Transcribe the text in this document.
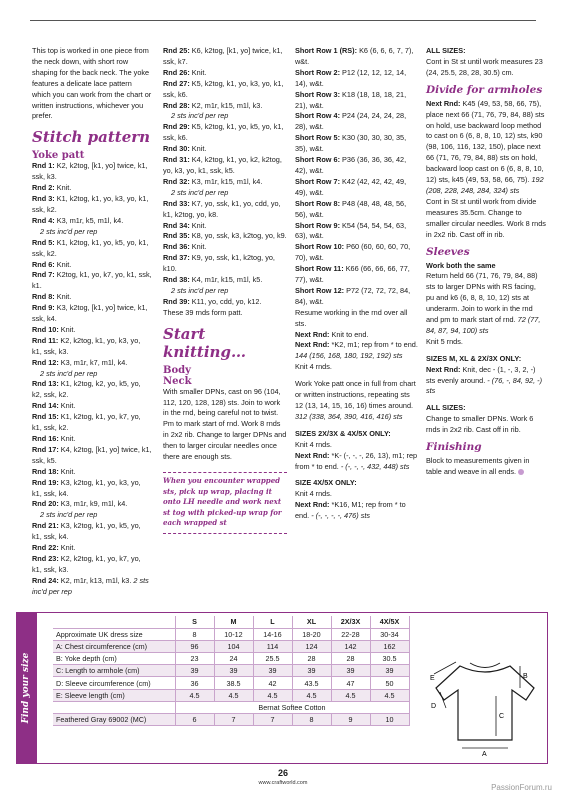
This top is worked in one piece from the neck down, with short row shaping for the back neck. The yoke features a delicate lace pattern which you can work from the chart or written instructions, whichever you prefer.

Stitch pattern
Yoke patt

Rnd 1: K2, k2tog, [k1, yo] twice, k1, ssk, k3.

Rnd 2: Knit.

Rnd 3: K1, k2tog, k1, yo, k3, yo, k1, ssk, k2.

Rnd 4: K3, m1r, k5, m1l, k4.

2 sts inc'd per rep

Rnd 5: K1, k2tog, k1, yo, k5, yo, k1, ssk, k2.

Rnd 6: Knit.

Rnd 7: K2tog, k1, yo, k7, yo, k1, ssk, k1.

Rnd 8: Knit.

Rnd 9: K3, k2tog, [k1, yo] twice, k1, ssk, k4.

Rnd 10: Knit.

Rnd 11: K2, k2tog, k1, yo, k3, yo, k1, ssk, k3.

Rnd 12: K3, m1r, k7, m1l, k4.

2 sts inc'd per rep

Rnd 13: K1, k2tog, k2, yo, k5, yo, k2, ssk, k2.

Rnd 14: Knit.

Rnd 15: K1, k2tog, k1, yo, k7, yo, k1, ssk, k2.

Rnd 16: Knit.

Rnd 17: K4, k2tog, [k1, yo] twice, k1, ssk, k5.

Rnd 18: Knit.

Rnd 19: K3, k2tog, k1, yo, k3, yo, k1, ssk, k4.

Rnd 20: K3, m1r, k9, m1l, k4.

2 sts inc'd per rep

Rnd 21: K3, k2tog, k1, yo, k5, yo, k1, ssk, k4.

Rnd 22: Knit.

Rnd 23: K2, k2tog, k1, yo, k7, yo, k1, ssk, k3.

Rnd 24: K2, m1r, k13, m1l, k3. 2 sts inc'd per rep

Rnd 25: K6, k2tog, [k1, yo] twice, k1, ssk, k7.

Rnd 26: Knit.

Rnd 27: K5, k2tog, k1, yo, k3, yo, k1, ssk, k6.

Rnd 28: K2, m1r, k15, m1l, k3.

2 sts inc'd per rep

Rnd 29: K5, k2tog, k1, yo, k5, yo, k1, ssk, k6.

Rnd 30: Knit.

Rnd 31: K4, k2tog, k1, yo, k2, k2tog, yo, k3, yo, k1, ssk, k5.

Rnd 32: K3, m1r, k15, m1l, k4.

2 sts inc'd per rep

Rnd 33: K7, yo, ssk, k1, yo, cdd, yo, k1, k2tog, yo, k8.

Rnd 34: Knit.

Rnd 35: K8, yo, ssk, k3, k2tog, yo, k9.

Rnd 36: Knit.

Rnd 37: K9, yo, ssk, k1, k2tog, yo, k10.

Rnd 38: K4, m1r, k15, m1l, k5.

2 sts inc'd per rep

Rnd 39: K11, yo, cdd, yo, k12.

These 39 rnds form patt.

Start knitting…
Body
Neck

With smaller DPNs, cast on 96 (104, 112, 120, 128, 128) sts. Join to work in the rnd, being careful not to twist. Pm to mark start of rnd. Work 8 rnds in 2x2 rib. Change to larger DPNs and then to larger circular needles once there are enough sts.

When you encounter wrapped sts, pick up wrap, placing it onto LH needle and work next st tog with picked-up wrap for each wrapped st

Short Row 1 (RS): K6 (6, 6, 6, 7, 7), w&t.

Short Row 2: P12 (12, 12, 12, 14, 14), w&t.

Short Row 3: K18 (18, 18, 18, 21, 21), w&t.

Short Row 4: P24 (24, 24, 24, 28, 28), w&t.

Short Row 5: K30 (30, 30, 30, 35, 35), w&t.

Short Row 6: P36 (36, 36, 36, 42, 42), w&t.

Short Row 7: K42 (42, 42, 42, 49, 49), w&t.

Short Row 8: P48 (48, 48, 48, 56, 56), w&t.

Short Row 9: K54 (54, 54, 54, 63, 63), w&t.

Short Row 10: P60 (60, 60, 60, 70, 70), w&t.

Short Row 11: K66 (66, 66, 66, 77, 77), w&t.

Short Row 12: P72 (72, 72, 72, 84, 84), w&t.

Resume working in the rnd over all sts.

Next Rnd: Knit to end.

Next Rnd: *K2, m1; rep from * to end. 144 (156, 168, 180, 192, 192) sts

Knit 4 rnds.

Work Yoke patt once in full from chart or written instructions, repeating sts 12 (13, 14, 15, 16, 16) times around. 312 (338, 364, 390, 416, 416) sts

SIZES 2X/3X & 4X/5X ONLY:

Knit 4 rnds.

Next Rnd: *K- (-, -, -, 26, 13), m1; rep from * to end. - (-, -, -, 432, 448) sts

SIZE 4X/5X ONLY:

Knit 4 rnds.

Next Rnd: *K16, M1; rep from * to end. - (-, -, -, -, 476) sts

ALL SIZES:

Cont in St st until work measures 23 (24, 25.5, 28, 28, 30.5) cm.

Divide for armholes

Next Rnd: K45 (49, 53, 58, 66, 75), place next 66 (71, 76, 79, 84, 88) sts on hold, use backward loop method to cast on 6 (6, 8, 8, 10, 12) sts, k90 (98, 106, 116, 132, 150), place next 66 (71, 76, 79, 84, 88) sts on hold, backward loop cast on 6 (6, 8, 8, 10, 12) sts, k45 (49, 53, 58, 66, 75). 192 (208, 228, 248, 284, 324) sts

Cont in St st until work from divide measures 35.5cm. Change to smaller circular needles. Work 8 rnds in 2x2 rib. Cast off in rib.

Sleeves

Work both the same

Return held 66 (71, 76, 79, 84, 88) sts to larger DPNs with RS facing, pu and k6 (6, 8, 8, 10, 12) sts at underarm. Join to work in the rnd and pm to mark start of rnd. 72 (77, 84, 87, 94, 100) sts

Knit 5 rnds.

SIZES M, XL & 2X/3X ONLY:

Next Rnd: Knit, dec - (1, -, 3, 2, -) sts evenly around. - (76, -, 84, 92, -) sts

ALL SIZES:

Change to smaller DPNs. Work 6 rnds in 2x2 rib. Cast off in rib.

Finishing

Block to measurements given in table and weave in all ends.

Find your size
	S	M	L	XL	2X/3X	4X/5X
Approximate UK dress size	8	10-12	14-16	18-20	22-28	30-34
A: Chest circumference (cm)	96	104	114	124	142	162
B: Yoke depth (cm)	23	24	25.5	28	28	30.5
C: Length to armhole (cm)	39	39	39	39	39	39
D: Sleeve circumference (cm)	36	38.5	42	43.5	47	50
E: Sleeve length (cm)	4.5	4.5	4.5	4.5	4.5	4.5
	Bernat Softee Cotton					
Feathered Gray 69002 (MC)	6	7	7	8	9	10
B
C
A
D
E
26
www.craftworld.com	PassionForum.ru
